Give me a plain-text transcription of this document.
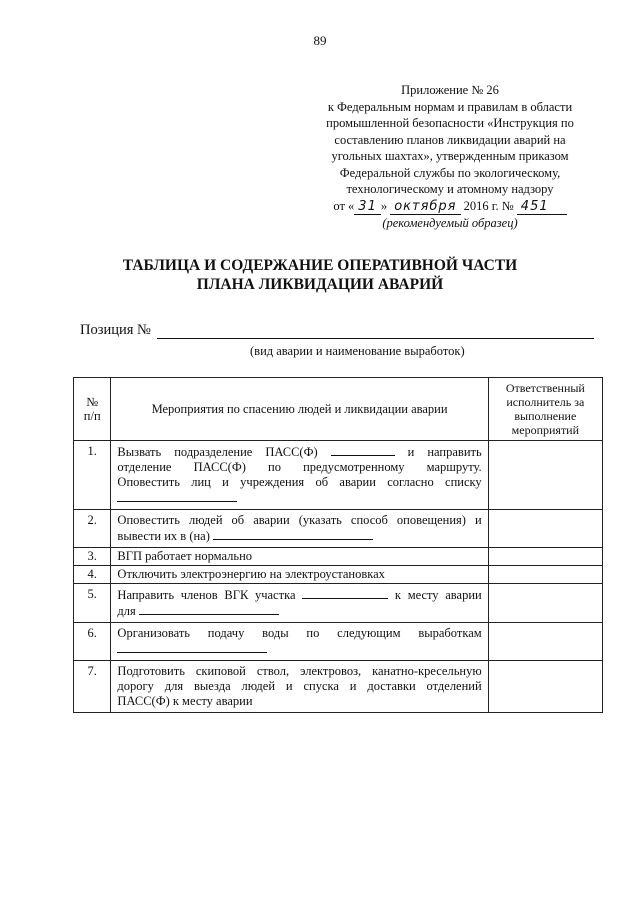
89
Приложение № 26
к Федеральным нормам и правилам в области
промышленной безопасности «Инструкция по
составлению планов ликвидации аварий на
угольных шахтах», утвержденным приказом
Федеральной службы по экологическому,
технологическому и атомному надзору
от « 31 » октября 2016 г. № 451
(рекомендуемый образец)
ТАБЛИЦА И СОДЕРЖАНИЕ ОПЕРАТИВНОЙ ЧАСТИ
ПЛАНА ЛИКВИДАЦИИ АВАРИЙ
Позиция №
(вид аварии и наименование выработок)
№ п/п	Мероприятия по спасению людей и ликвидации аварии	Ответственный исполнитель за выполнение мероприятий
1.	Вызвать подразделение ПАСС(Ф) и направить
отделение ПАСС(Ф) по предусмотренному маршруту.
Оповестить лиц и учреждения об аварии согласно списку	

2.	Оповестить людей об аварии (указать способ оповещения) и
вывести их в (на)	

3.	ВГП работает нормально	
4.	Отключить электроэнергию на электроустановках	
5.	Направить членов ВГК участка к месту аварии
для	

6.	Организовать подачу воды по следующим выработкам	

7.	Подготовить скиповой ствол, электровоз, канатно-кресельную
дорогу для выезда людей и спуска и доставки отделений
ПАСС(Ф) к месту аварии	
